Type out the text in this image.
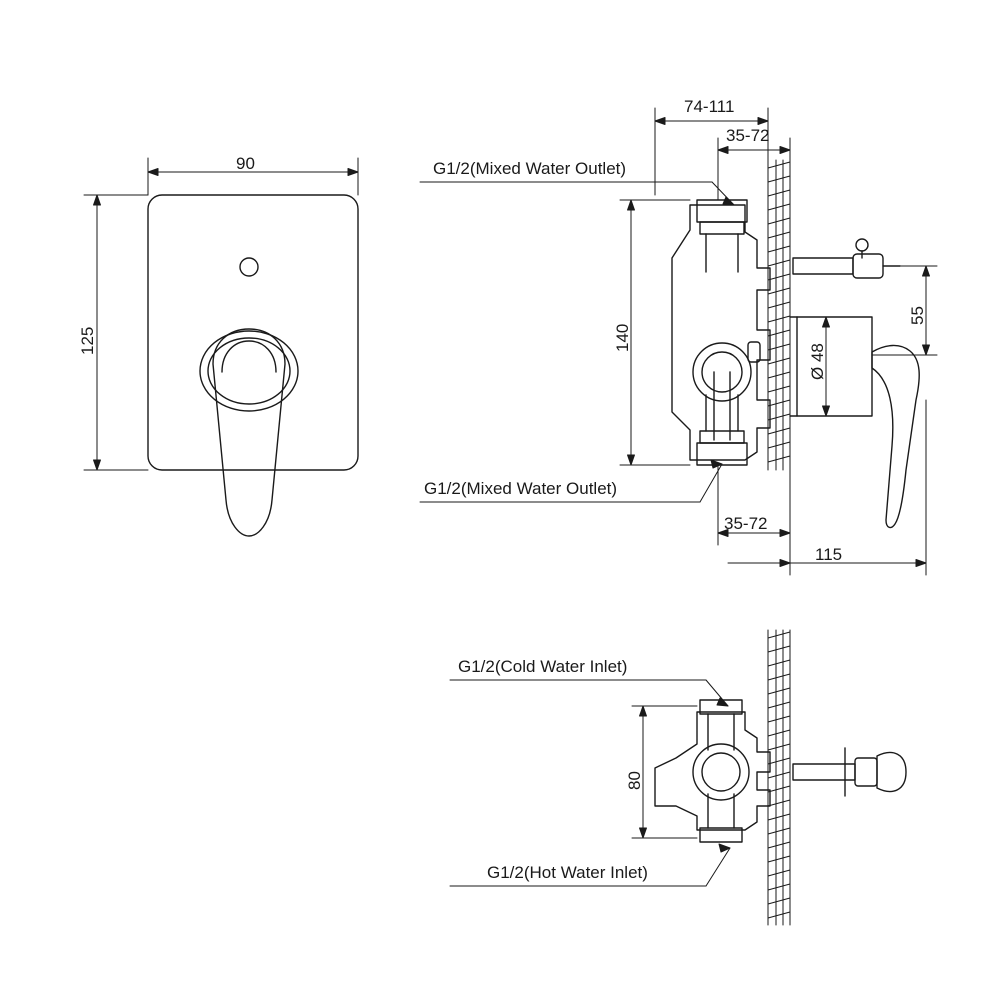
90
125
74-111
35-72
140
55
Ø 48
35-72
115
G1/2(Mixed Water Outlet)
G1/2(Mixed Water Outlet)
80
G1/2(Cold Water Inlet)
G1/2(Hot Water Inlet)
